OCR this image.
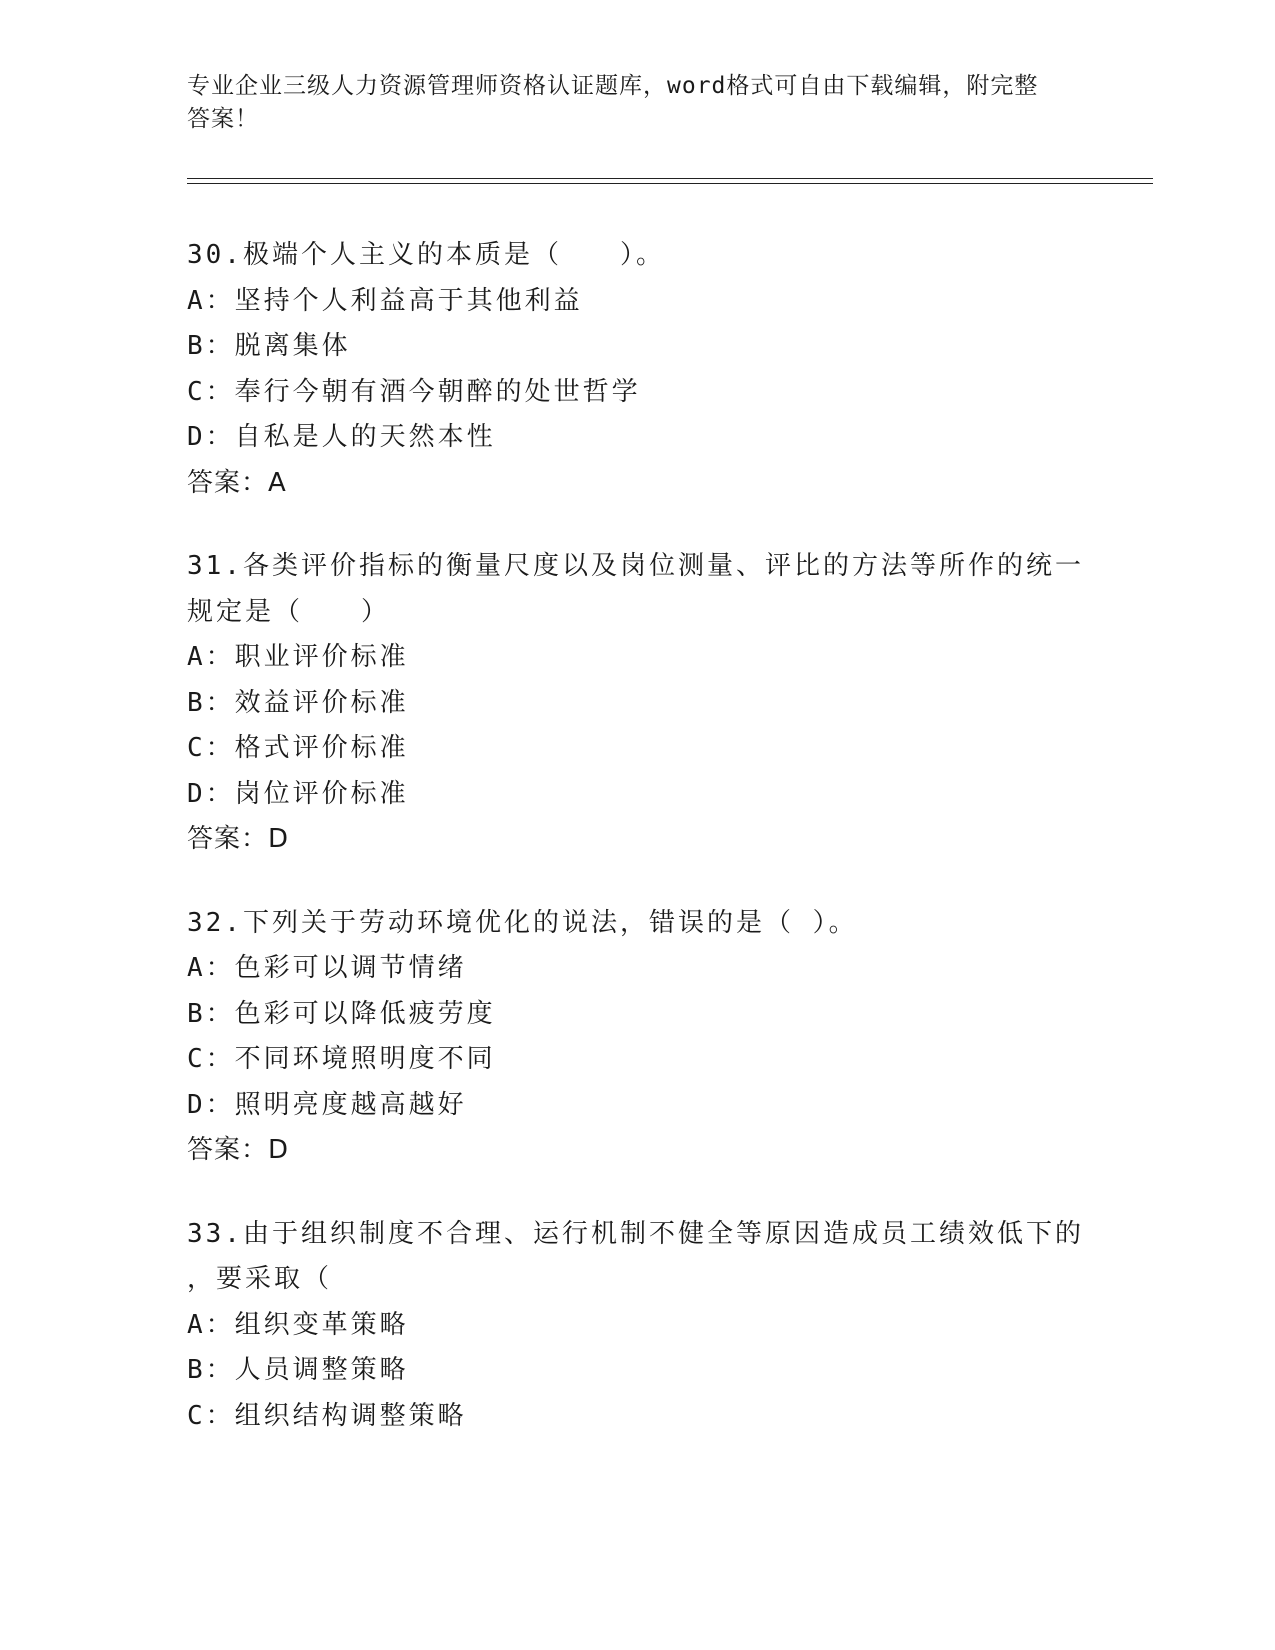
专业企业三级人力资源管理师资格认证题库，word格式可自由下载编辑，附完整
答案！
30.极端个人主义的本质是（　　）。
A：坚持个人利益高于其他利益
B：脱离集体
C：奉行今朝有酒今朝醉的处世哲学
D：自私是人的天然本性
答案：A
31.各类评价指标的衡量尺度以及岗位测量、评比的方法等所作的统一
规定是（　　）
A：职业评价标准
B：效益评价标准
C：格式评价标准
D：岗位评价标准
答案：D
32.下列关于劳动环境优化的说法，错误的是（ ）。
A：色彩可以调节情绪
B：色彩可以降低疲劳度
C：不同环境照明度不同
D：照明亮度越高越好
答案：D
33.由于组织制度不合理、运行机制不健全等原因造成员工绩效低下的
，要采取（
A：组织变革策略
B：人员调整策略
C：组织结构调整策略
